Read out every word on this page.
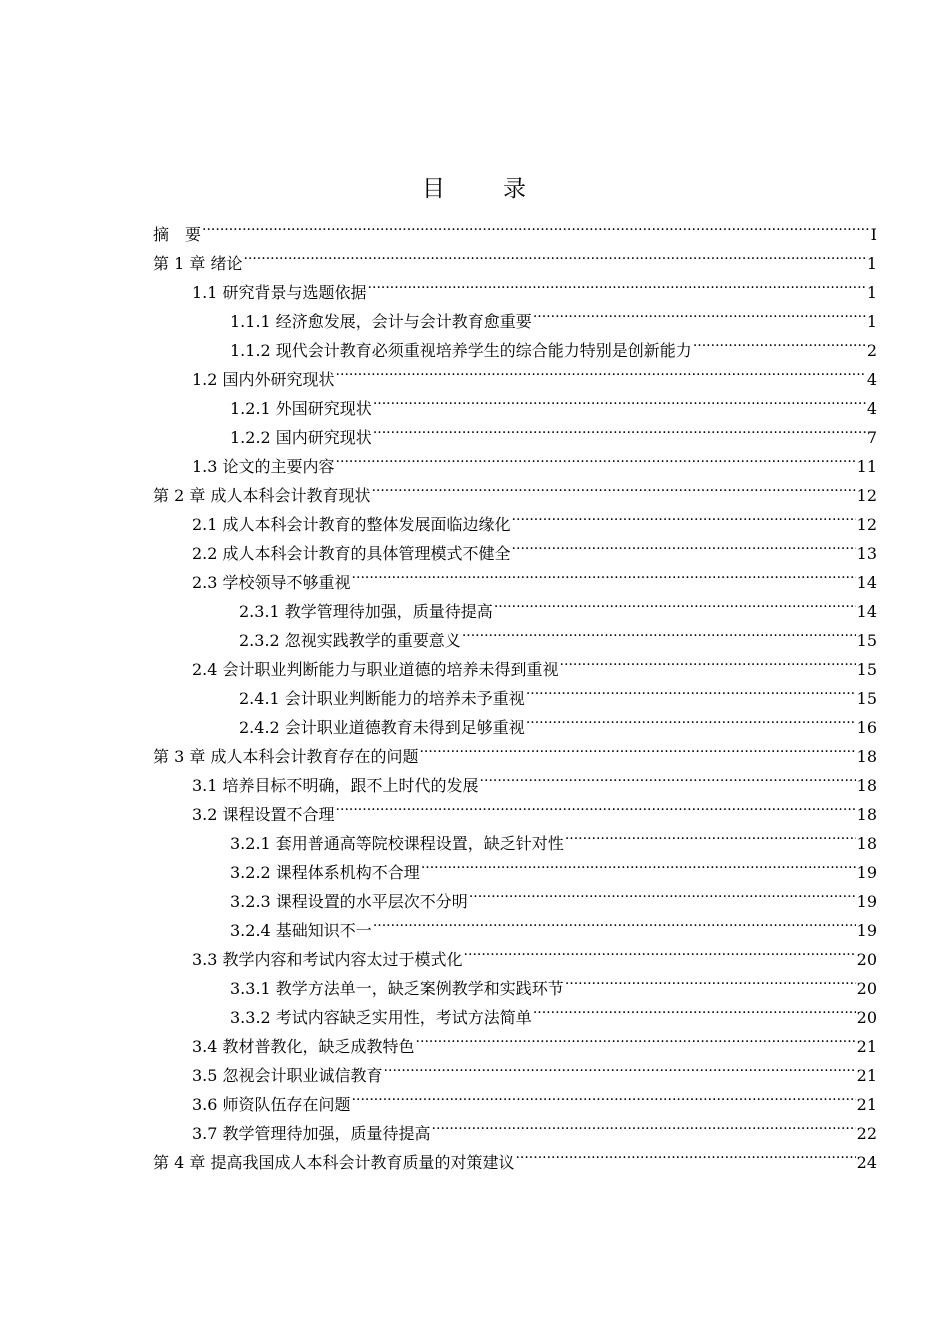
目 录
摘　要 .....	I
第 1 章 绪论 .....	1
1.1 研究背景与选题依据 .....	1
1.1.1 经济愈发展，会计与会计教育愈重要 .....	1
1.1.2 现代会计教育必须重视培养学生的综合能力特别是创新能力 .....	2
1.2 国内外研究现状 .....	4
1.2.1 外国研究现状 .....	4
1.2.2 国内研究现状 .....	7
1.3 论文的主要内容 .....	11
第 2 章 成人本科会计教育现状 .....	12
2.1 成人本科会计教育的整体发展面临边缘化 .....	12
2.2 成人本科会计教育的具体管理模式不健全 .....	13
2.3 学校领导不够重视 .....	14
2.3.1 教学管理待加强，质量待提高 .....	14
2.3.2 忽视实践教学的重要意义 .....	15
2.4 会计职业判断能力与职业道德的培养未得到重视 .....	15
2.4.1 会计职业判断能力的培养未予重视 .....	15
2.4.2 会计职业道德教育未得到足够重视 .....	16
第 3 章 成人本科会计教育存在的问题 .....	18
3.1 培养目标不明确，跟不上时代的发展 .....	18
3.2 课程设置不合理 .....	18
3.2.1 套用普通高等院校课程设置，缺乏针对性 .....	18
3.2.2 课程体系机构不合理 .....	19
3.2.3 课程设置的水平层次不分明 .....	19
3.2.4 基础知识不一 .....	19
3.3 教学内容和考试内容太过于模式化 .....	20
3.3.1 教学方法单一，缺乏案例教学和实践环节 .....	20
3.3.2 考试内容缺乏实用性，考试方法简单 .....	20
3.4 教材普教化，缺乏成教特色 .....	21
3.5 忽视会计职业诚信教育 .....	21
3.6 师资队伍存在问题 .....	21
3.7 教学管理待加强，质量待提高 .....	22
第 4 章 提高我国成人本科会计教育质量的对策建议 .....	24
